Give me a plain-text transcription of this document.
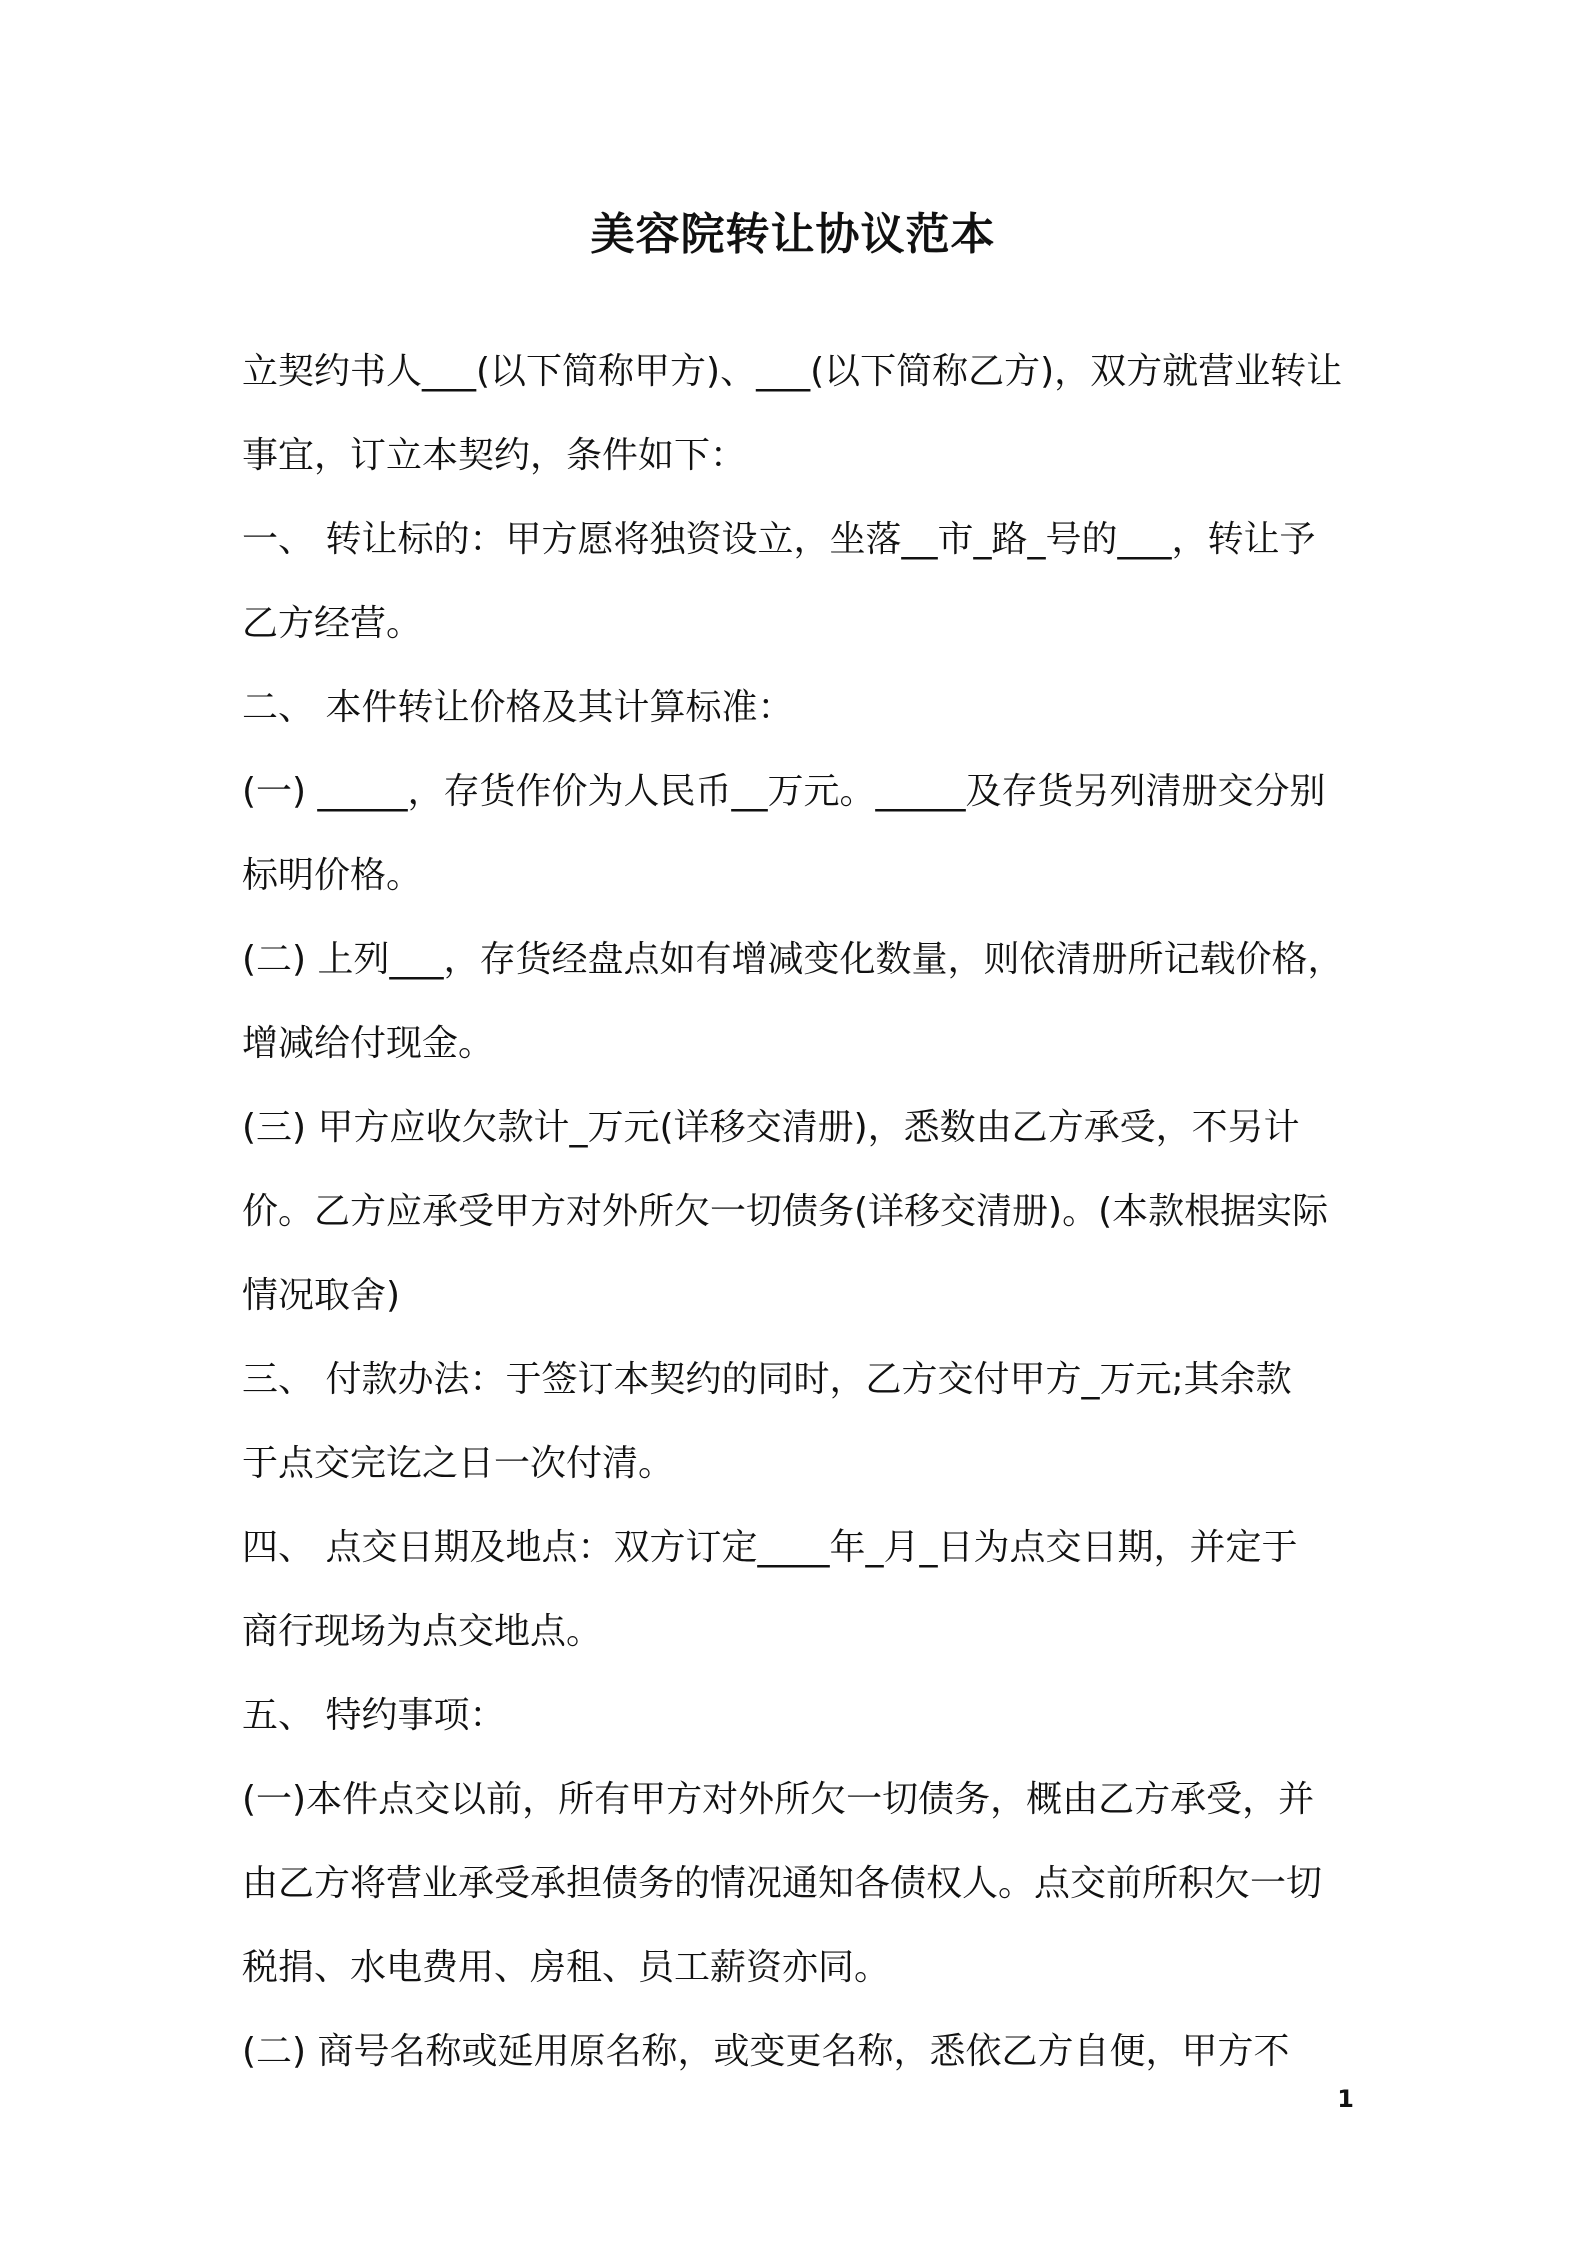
美容院转让协议范本
立契约书人___(以下简称甲方)、___(以下简称乙方)，双方就营业转让
事宜，订立本契约，条件如下：
一、 转让标的：甲方愿将独资设立，坐落__市_路_号的___，转让予
乙方经营。
二、 本件转让价格及其计算标准：
(一) _____，存货作价为人民币__万元。_____及存货另列清册交分别
标明价格。
(二) 上列___，存货经盘点如有增减变化数量，则依清册所记载价格，
增减给付现金。
(三) 甲方应收欠款计_万元(详移交清册)，悉数由乙方承受，不另计
价。乙方应承受甲方对外所欠一切债务(详移交清册)。(本款根据实际
情况取舍)
三、 付款办法：于签订本契约的同时，乙方交付甲方_万元;其余款
于点交完讫之日一次付清。
四、 点交日期及地点：双方订定____年_月_日为点交日期，并定于
商行现场为点交地点。
五、 特约事项：
(一)本件点交以前，所有甲方对外所欠一切债务，概由乙方承受，并
由乙方将营业承受承担债务的情况通知各债权人。点交前所积欠一切
税捐、水电费用、房租、员工薪资亦同。
(二) 商号名称或延用原名称，或变更名称，悉依乙方自便，甲方不
1
